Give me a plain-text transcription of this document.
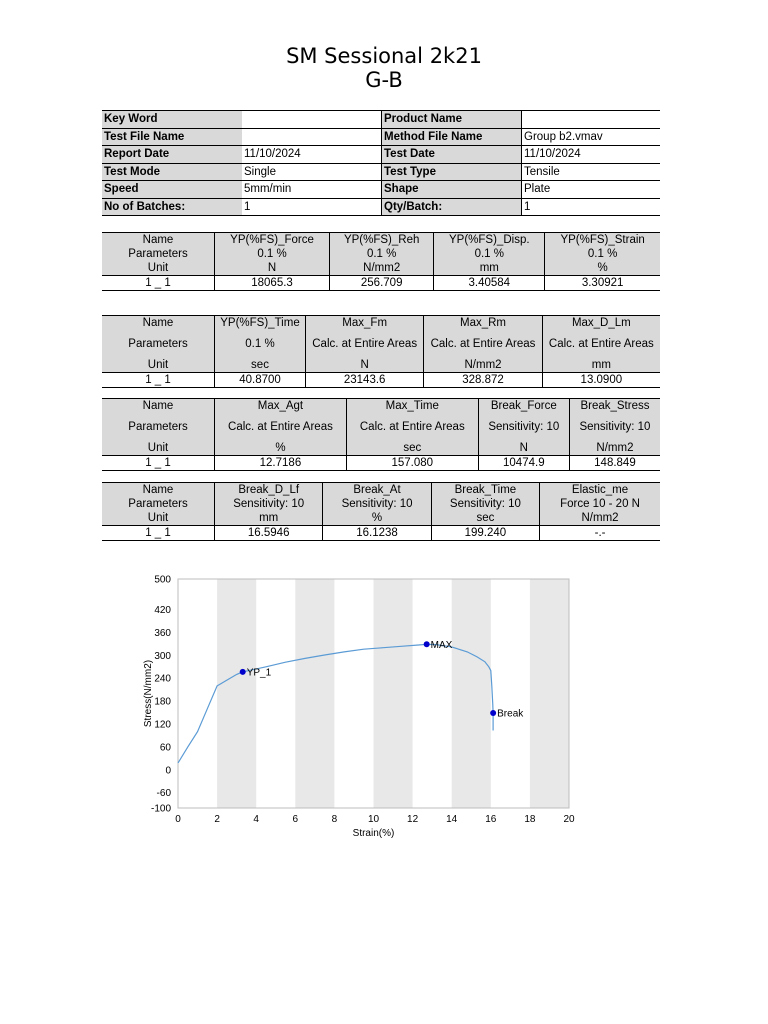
SM Sessional 2k21
G-B
Key Word		Product Name	
Test File Name		Method File Name	Group b2.vmav
Report Date	11/10/2024	Test Date	11/10/2024
Test Mode	Single	Test Type	Tensile
Speed	5mm/min	Shape	Plate
No of Batches:	1	Qty/Batch:	1
Name	YP(%FS)_Force	YP(%FS)_Reh	YP(%FS)_Disp.	YP(%FS)_Strain
Parameters	0.1 %	0.1 %	0.1 %	0.1 %
Unit	N	N/mm2	mm	%
1 _ 1	18065.3	256.709	3.40584	3.30921
Name	YP(%FS)_Time	Max_Fm	Max_Rm	Max_D_Lm
Parameters	0.1 %	Calc. at Entire Areas	Calc. at Entire Areas	Calc. at Entire Areas
Unit	sec	N	N/mm2	mm
1 _ 1	40.8700	23143.6	328.872	13.0900
Name	Max_Agt	Max_Time	Break_Force	Break_Stress
Parameters	Calc. at Entire Areas	Calc. at Entire Areas	Sensitivity: 10	Sensitivity: 10
Unit	%	sec	N	N/mm2
1 _ 1	12.7186	157.080	10474.9	148.849
Name	Break_D_Lf	Break_At	Break_Time	Elastic_me
Parameters	Sensitivity: 10	Sensitivity: 10	Sensitivity: 10	Force 10 - 20 N
Unit	mm	%	sec	N/mm2
1 _ 1	16.5946	16.1238	199.240	-.-
0	2	4	6	8	10	12	14	16	18	20
-100
-60
0
60
120
180
240
300
360
420
500
Strain(%)
Stress(N/mm2)	YP_1
MAX
Break
